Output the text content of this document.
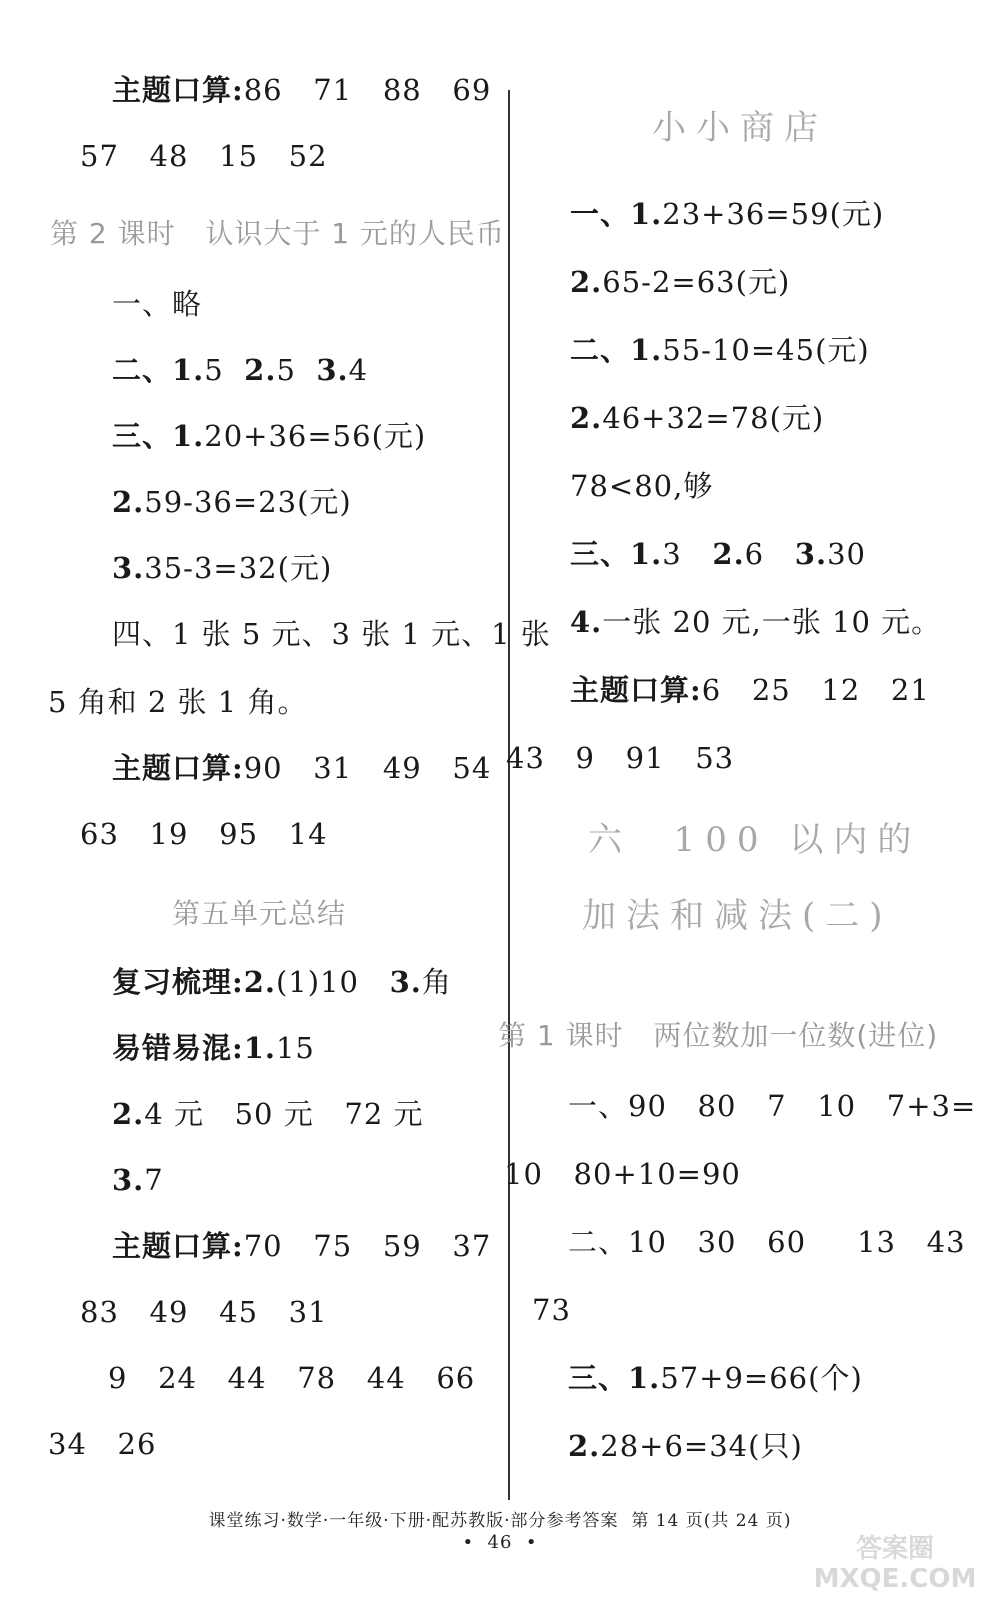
主题口算:86   71   88   69
57   48   15   52
第 2 课时   认识大于 1 元的人民币
一、略
二、1.5  2.5  3.4
三、1.20+36=56(元)
2.59-36=23(元)
3.35-3=32(元)
四、1 张 5 元、3 张 1 元、1 张
5 角和 2 张 1 角。
主题口算:90   31   49   54
63   19   95   14
第五单元总结
复习梳理:2.(1)10   3.角
易错易混:1.15
2.4 元   50 元   72 元
3.7
主题口算:70   75   59   37
83   49   45   31
9   24   44   78   44   66
34   26
小小商店
一、1.23+36=59(元)
2.65-2=63(元)
二、1.55-10=45(元)
2.46+32=78(元)
78<80,够
三、1.3   2.6   3.30
4.一张 20 元,一张 10 元。
主题口算:6   25   12   21
43   9   91   53
六  100 以内的
加法和减法(二)
第 1 课时   两位数加一位数(进位)
一、90   80   7   10   7+3=
10   80+10=90
二、10   30   60     13   43
73
三、1.57+9=66(个)
2.28+6=34(只)
课堂练习·数学·一年级·下册·配苏教版·部分参考答案  第 14 页(共 24 页)
•  46  •	答案圈
MXQE.COM
